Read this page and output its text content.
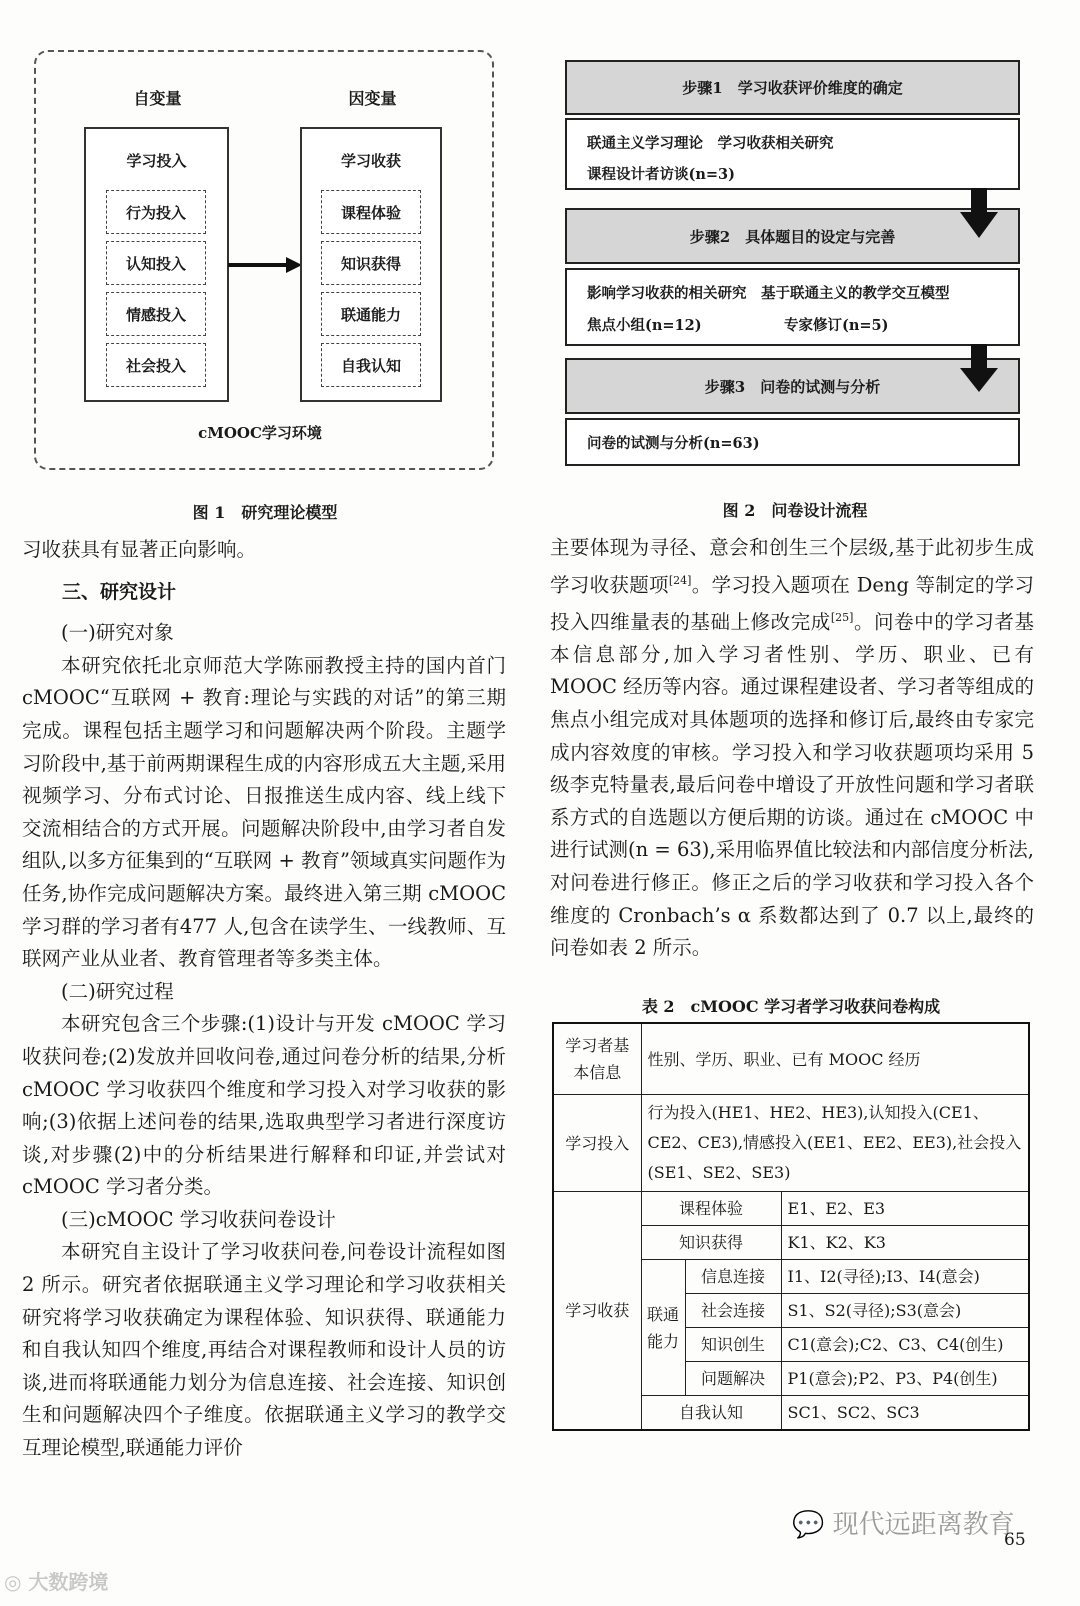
自变量	因变量
学习投入
行为投入
认知投入
情感投入
社会投入
学习收获
课程体验
知识获得
联通能力
自我认知
cMOOC学习环境
图 1　研究理论模型
步骤1　学习收获评价维度的确定
联通主义学习理论　学习收获相关研究
课程设计者访谈(n=3)
步骤2　具体题目的设定与完善
影响学习收获的相关研究　基于联通主义的教学交互模型
焦点小组(n=12)	专家修订(n=5)
步骤3　问卷的试测与分析
问卷的试测与分析(n=63)
图 2　问卷设计流程

习收获具有显著正向影响。

三、研究设计

(一)研究对象

本研究依托北京师范大学陈丽教授主持的国内首门 cMOOC“互联网 + 教育:理论与实践的对话”的第三期完成。课程包括主题学习和问题解决两个阶段。主题学习阶段中,基于前两期课程生成的内容形成五大主题,采用视频学习、分布式讨论、日报推送生成内容、线上线下交流相结合的方式开展。问题解决阶段中,由学习者自发组队,以多方征集到的“互联网 + 教育”领域真实问题作为任务,协作完成问题解决方案。最终进入第三期 cMOOC 学习群的学习者有477 人,包含在读学生、一线教师、互联网产业从业者、教育管理者等多类主体。

(二)研究过程

本研究包含三个步骤:(1)设计与开发 cMOOC 学习收获问卷;(2)发放并回收问卷,通过问卷分析的结果,分析 cMOOC 学习收获四个维度和学习投入对学习收获的影响;(3)依据上述问卷的结果,选取典型学习者进行深度访谈,对步骤(2)中的分析结果进行解释和印证,并尝试对 cMOOC 学习者分类。

(三)cMOOC 学习收获问卷设计

本研究自主设计了学习收获问卷,问卷设计流程如图 2 所示。研究者依据联通主义学习理论和学习收获相关研究将学习收获确定为课程体验、知识获得、联通能力和自我认知四个维度,再结合对课程教师和设计人员的访谈,进而将联通能力划分为信息连接、社会连接、知识创生和问题解决四个子维度。依据联通主义学习的教学交互理论模型,联通能力评价

主要体现为寻径、意会和创生三个层级,基于此初步生成学习收获题项[24]。学习投入题项在 Deng 等制定的学习投入四维量表的基础上修改完成[25]。问卷中的学习者基本信息部分,加入学习者性别、学历、职业、已有 MOOC 经历等内容。通过课程建设者、学习者等组成的焦点小组完成对具体题项的选择和修订后,最终由专家完成内容效度的审核。学习投入和学习收获题项均采用 5 级李克特量表,最后问卷中增设了开放性问题和学习者联系方式的自选题以方便后期的访谈。通过在 cMOOC 中进行试测(n = 63),采用临界值比较法和内部信度分析法,对问卷进行修正。修正之后的学习收获和学习投入各个维度的 Cronbach’s α 系数都达到了 0.7 以上,最终的问卷如表 2 所示。

表 2　cMOOC 学习者学习收获问卷构成
学习者基本信息	性别、学历、职业、已有 MOOC 经历		
学习投入	行为投入(HE1、HE2、HE3),认知投入(CE1、CE2、CE3),情感投入(EE1、EE2、EE3),社会投入(SE1、SE2、SE3)		
学习收获	课程体验		E1、E2、E3
	知识获得		K1、K2、K3
	联通能力	信息连接	I1、I2(寻径);I3、I4(意会)
		社会连接	S1、S2(寻径);S3(意会)
		知识创生	C1(意会);C2、C3、C4(创生)
		问题解决	P1(意会);P2、P3、P4(创生)
	自我认知		SC1、SC2、SC3
◎ 大数跨境
💬 现代远距离教育
65
